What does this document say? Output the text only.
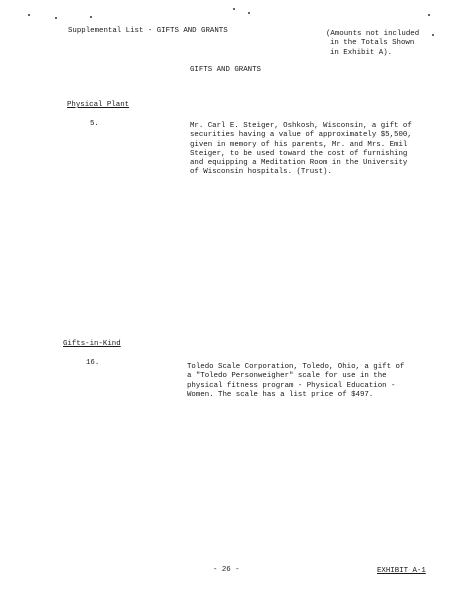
Supplemental List - GIFTS AND GRANTS	(Amounts not included
in the Totals Shown
in Exhibit A).
GIFTS AND GRANTS
Physical Plant
5.	Mr. Carl E. Steiger, Oshkosh, Wisconsin, a gift of
securities having a value of approximately $5,500,
given in memory of his parents, Mr. and Mrs. Emil
Steiger, to be used toward the cost of furnishing
and equipping a Meditation Room in the University
of Wisconsin hospitals. (Trust).
Gifts-in-Kind
16.	Toledo Scale Corporation, Toledo, Ohio, a gift of
a "Toledo Personweigher" scale for use in the
physical fitness program - Physical Education -
Women. The scale has a list price of $497.
- 26 -	EXHIBIT A-1
